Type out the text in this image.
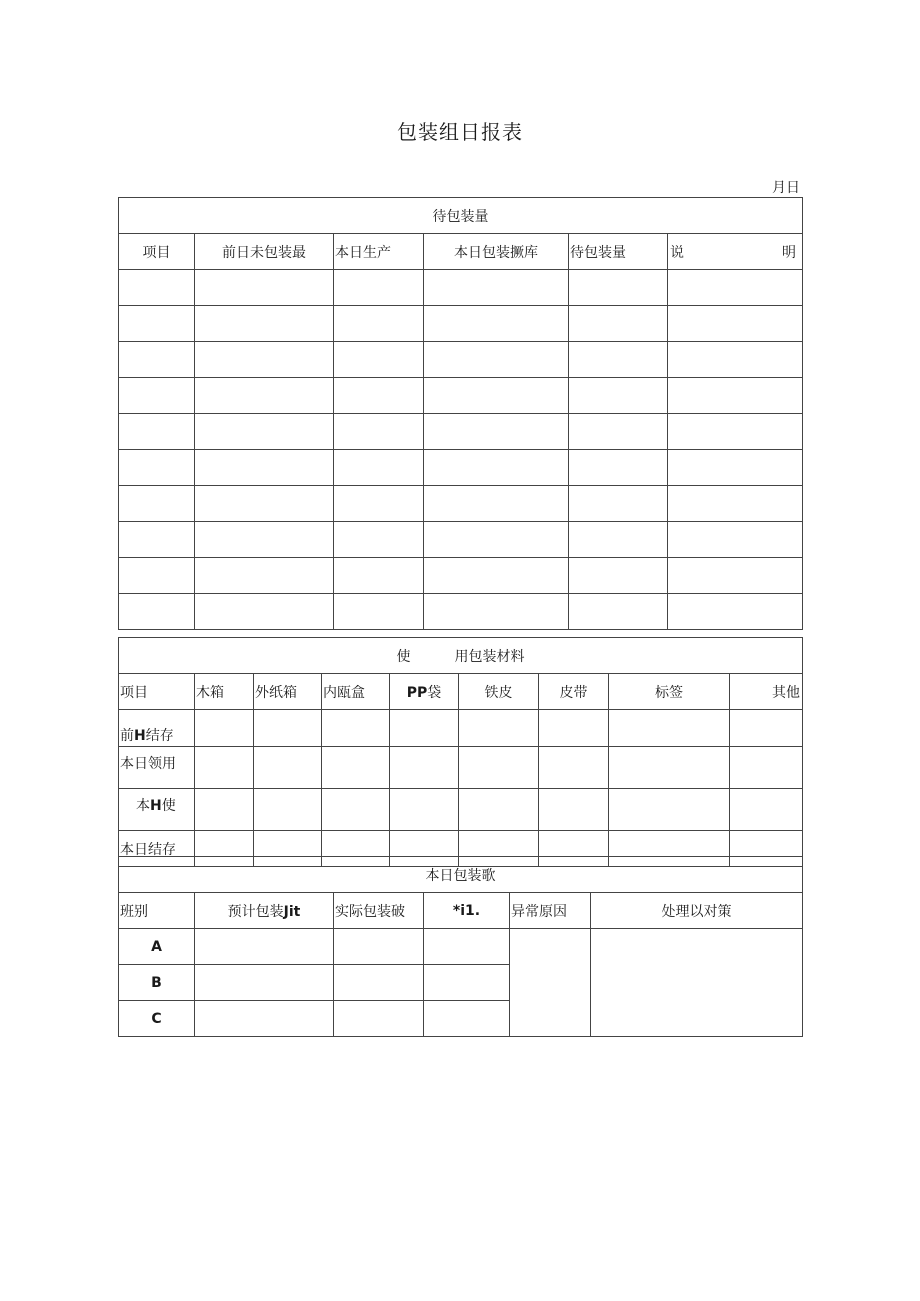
包装组日报表
月日
待包装量					
项目	前日未包装最	本日生产	本日包装撅库	待包装量	说 明

使 用包装材料								
项目	木箱	外纸箱	内瓯盒	PP袋	铁皮	皮带	标签	其他
前H结存								
本日领用								
本H使								
本日结存								
本日包装歌					
班别	预计包装Jit	实际包装破	*i1.	异常原因	处理以对策
A					
B					
C					
